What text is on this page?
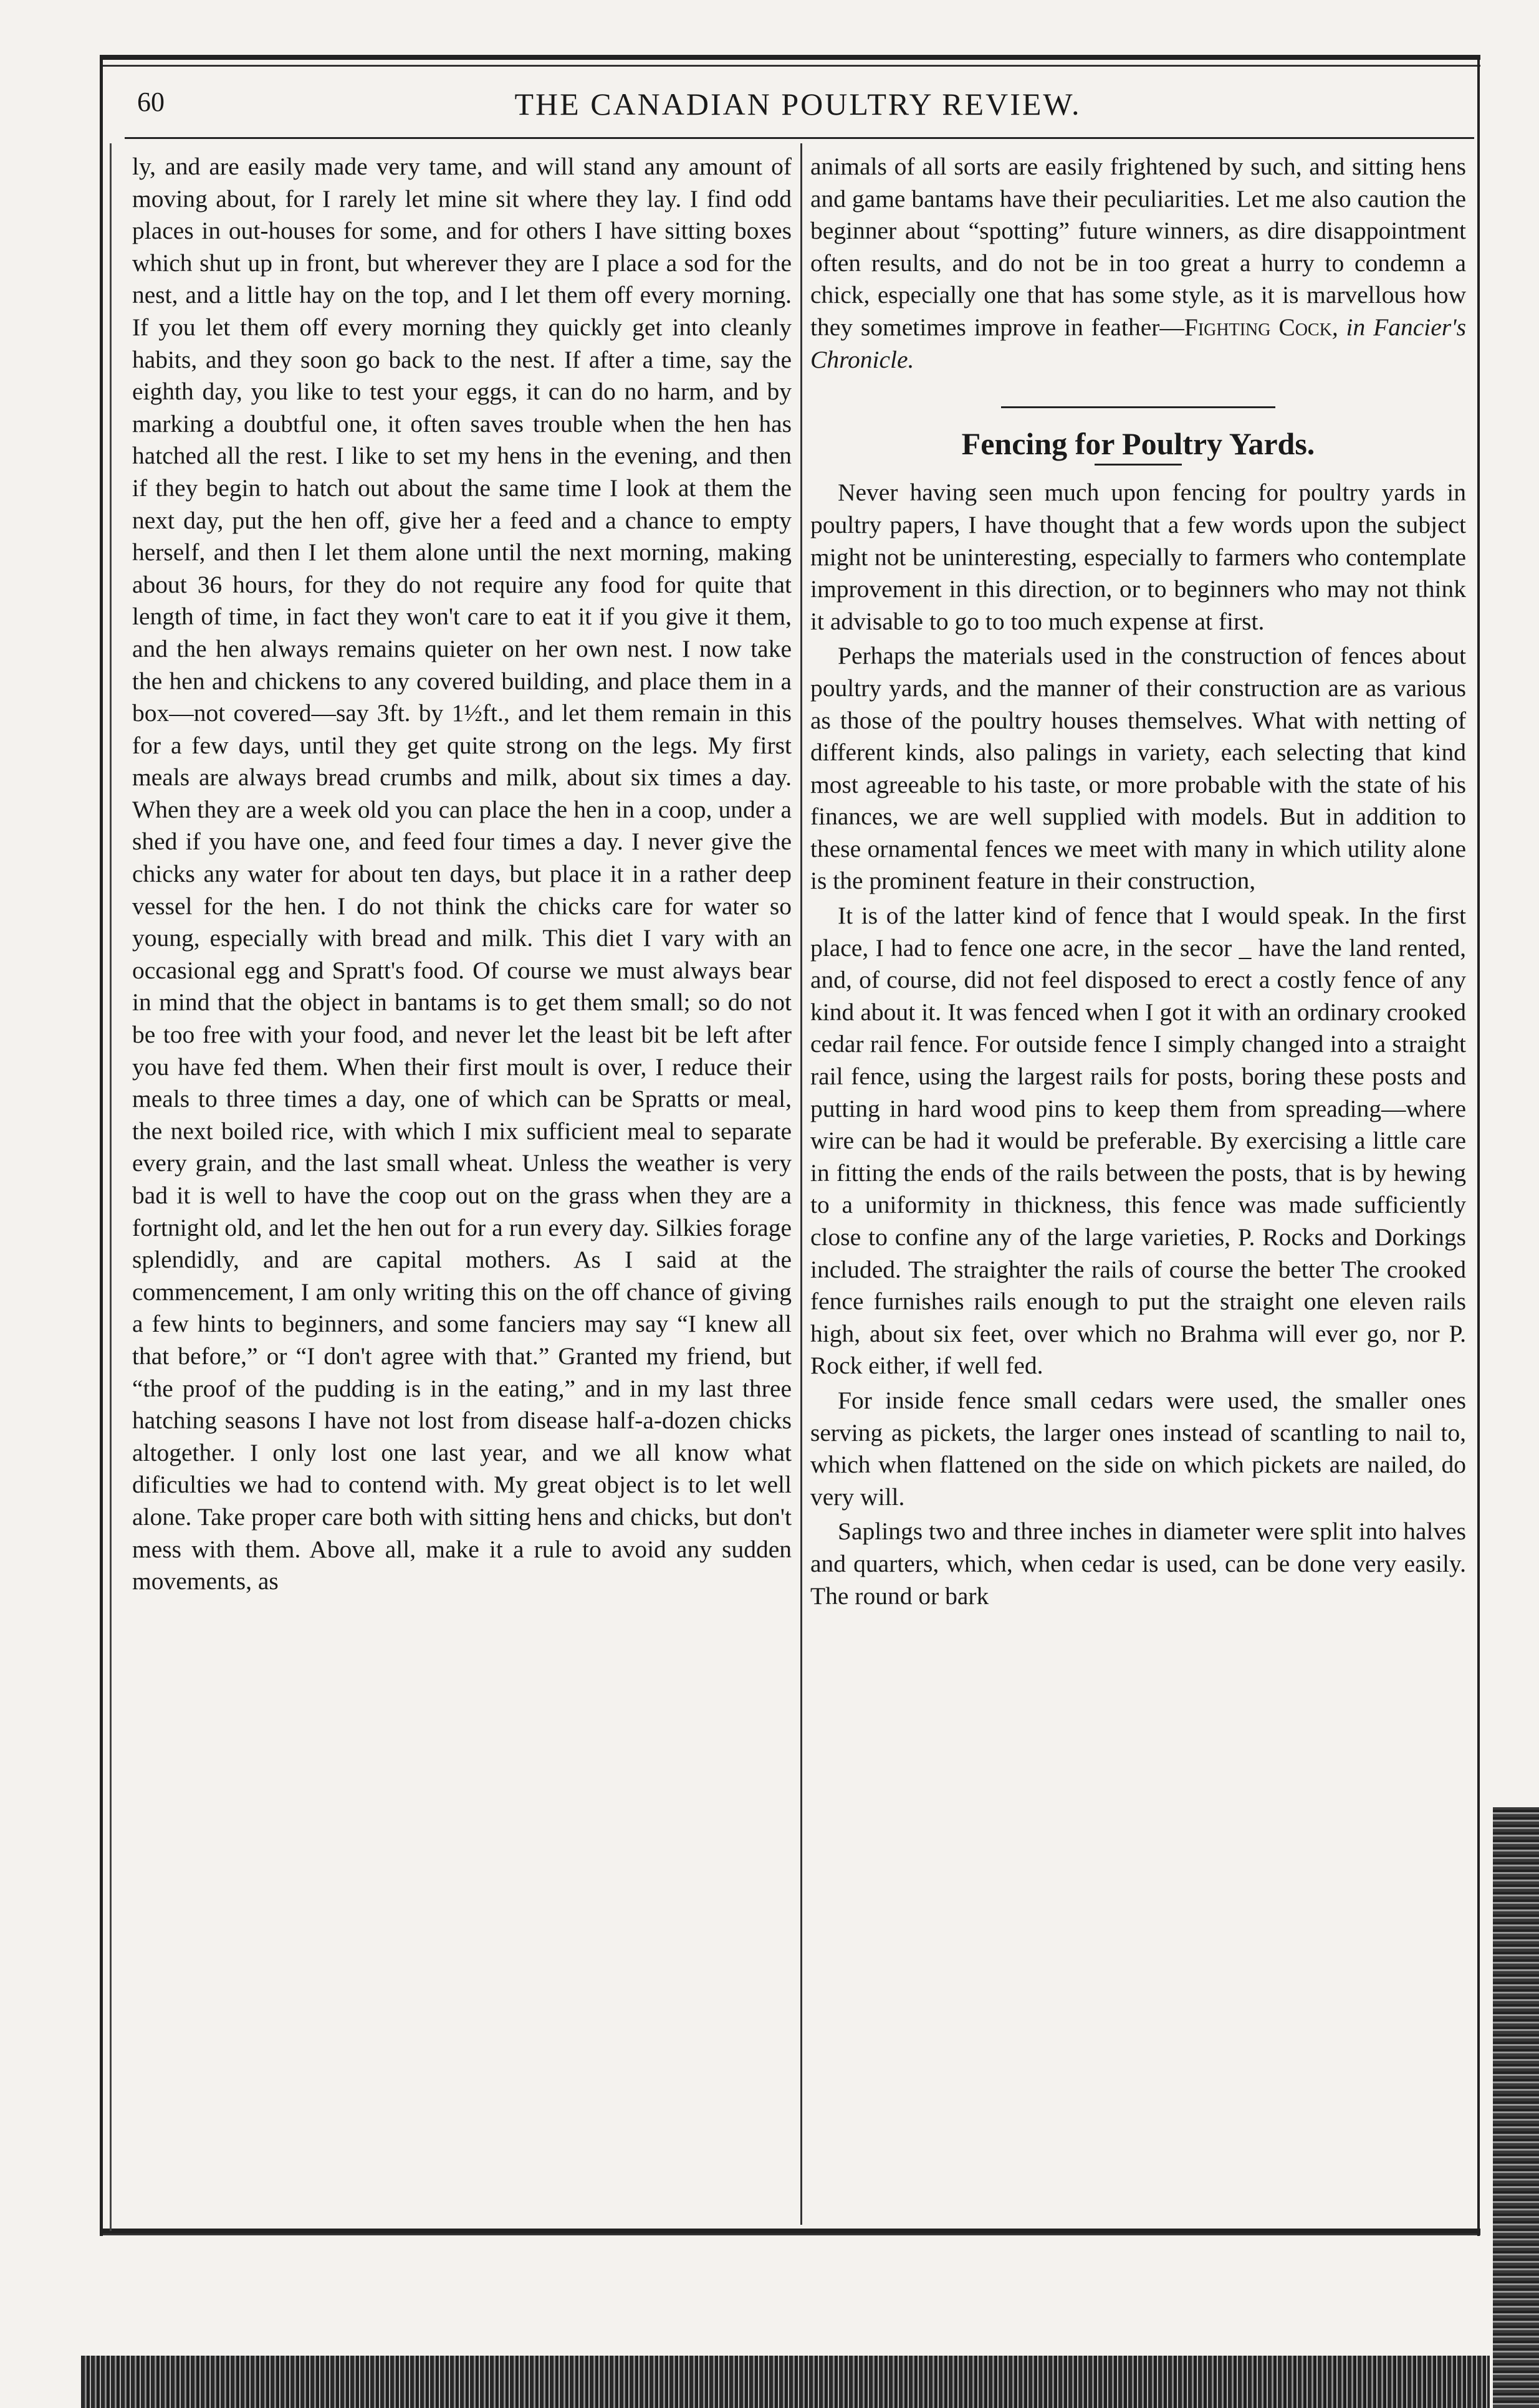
60	THE CANADIAN POULTRY REVIEW.

ly, and are easily made very tame, and will stand any amount of moving about, for I rarely let mine sit where they lay. I find odd places in out-houses for some, and for others I have sitting boxes which shut up in front, but wherever they are I place a sod for the nest, and a little hay on the top, and I let them off every morning. If you let them off every morning they quickly get into cleanly habits, and they soon go back to the nest. If after a time, say the eighth day, you like to test your eggs, it can do no harm, and by marking a doubtful one, it often saves trouble when the hen has hatched all the rest. I like to set my hens in the evening, and then if they begin to hatch out about the same time I look at them the next day, put the hen off, give her a feed and a chance to empty herself, and then I let them alone until the next morning, making about 36 hours, for they do not require any food for quite that length of time, in fact they won't care to eat it if you give it them, and the hen always remains quieter on her own nest. I now take the hen and chickens to any covered building, and place them in a box—not covered—say 3ft. by 1½ft., and let them remain in this for a few days, until they get quite strong on the legs. My first meals are always bread crumbs and milk, about six times a day. When they are a week old you can place the hen in a coop, under a shed if you have one, and feed four times a day. I never give the chicks any water for about ten days, but place it in a rather deep vessel for the hen. I do not think the chicks care for water so young, especially with bread and milk. This diet I vary with an occasional egg and Spratt's food. Of course we must always bear in mind that the object in bantams is to get them small; so do not be too free with your food, and never let the least bit be left after you have fed them. When their first moult is over, I reduce their meals to three times a day, one of which can be Spratts or meal, the next boiled rice, with which I mix sufficient meal to separate every grain, and the last small wheat. Unless the weather is very bad it is well to have the coop out on the grass when they are a fortnight old, and let the hen out for a run every day. Silkies forage splendidly, and are capital mothers. As I said at the commencement, I am only writing this on the off chance of giving a few hints to beginners, and some fanciers may say “I knew all that before,” or “I don't agree with that.” Granted my friend, but “the proof of the pudding is in the eating,” and in my last three hatching seasons I have not lost from disease half-a-dozen chicks altogether. I only lost one last year, and we all know what dificulties we had to contend with. My great object is to let well alone. Take proper care both with sitting hens and chicks, but don't mess with them. Above all, make it a rule to avoid any sudden movements, as

animals of all sorts are easily frightened by such, and sitting hens and game bantams have their peculiarities. Let me also caution the beginner about “spotting” future winners, as dire disappointment often results, and do not be in too great a hurry to condemn a chick, especially one that has some style, as it is marvellous how they sometimes improve in feather—Fighting Cock, in Fancier's Chronicle.

Fencing for Poultry Yards.

Never having seen much upon fencing for poultry yards in poultry papers, I have thought that a few words upon the subject might not be uninteresting, especially to farmers who contemplate improvement in this direction, or to beginners who may not think it advisable to go to too much expense at first.

Perhaps the materials used in the construction of fences about poultry yards, and the manner of their construction are as various as those of the poultry houses themselves. What with netting of different kinds, also palings in variety, each selecting that kind most agreeable to his taste, or more probable with the state of his finances, we are well supplied with models. But in addition to these ornamental fences we meet with many in which utility alone is the prominent feature in their construction,

It is of the latter kind of fence that I would speak. In the first place, I had to fence one acre, in the secor _ have the land rented, and, of course, did not feel disposed to erect a costly fence of any kind about it. It was fenced when I got it with an ordinary crooked cedar rail fence. For outside fence I simply changed into a straight rail fence, using the largest rails for posts, boring these posts and putting in hard wood pins to keep them from spreading—where wire can be had it would be preferable. By exercising a little care in fitting the ends of the rails between the posts, that is by hewing to a uniformity in thickness, this fence was made sufficiently close to confine any of the large varieties, P. Rocks and Dorkings included. The straighter the rails of course the better The crooked fence furnishes rails enough to put the straight one eleven rails high, about six feet, over which no Brahma will ever go, nor P. Rock either, if well fed.

For inside fence small cedars were used, the smaller ones serving as pickets, the larger ones instead of scantling to nail to, which when flattened on the side on which pickets are nailed, do very will.

Saplings two and three inches in diameter were split into halves and quarters, which, when cedar is used, can be done very easily. The round or bark
